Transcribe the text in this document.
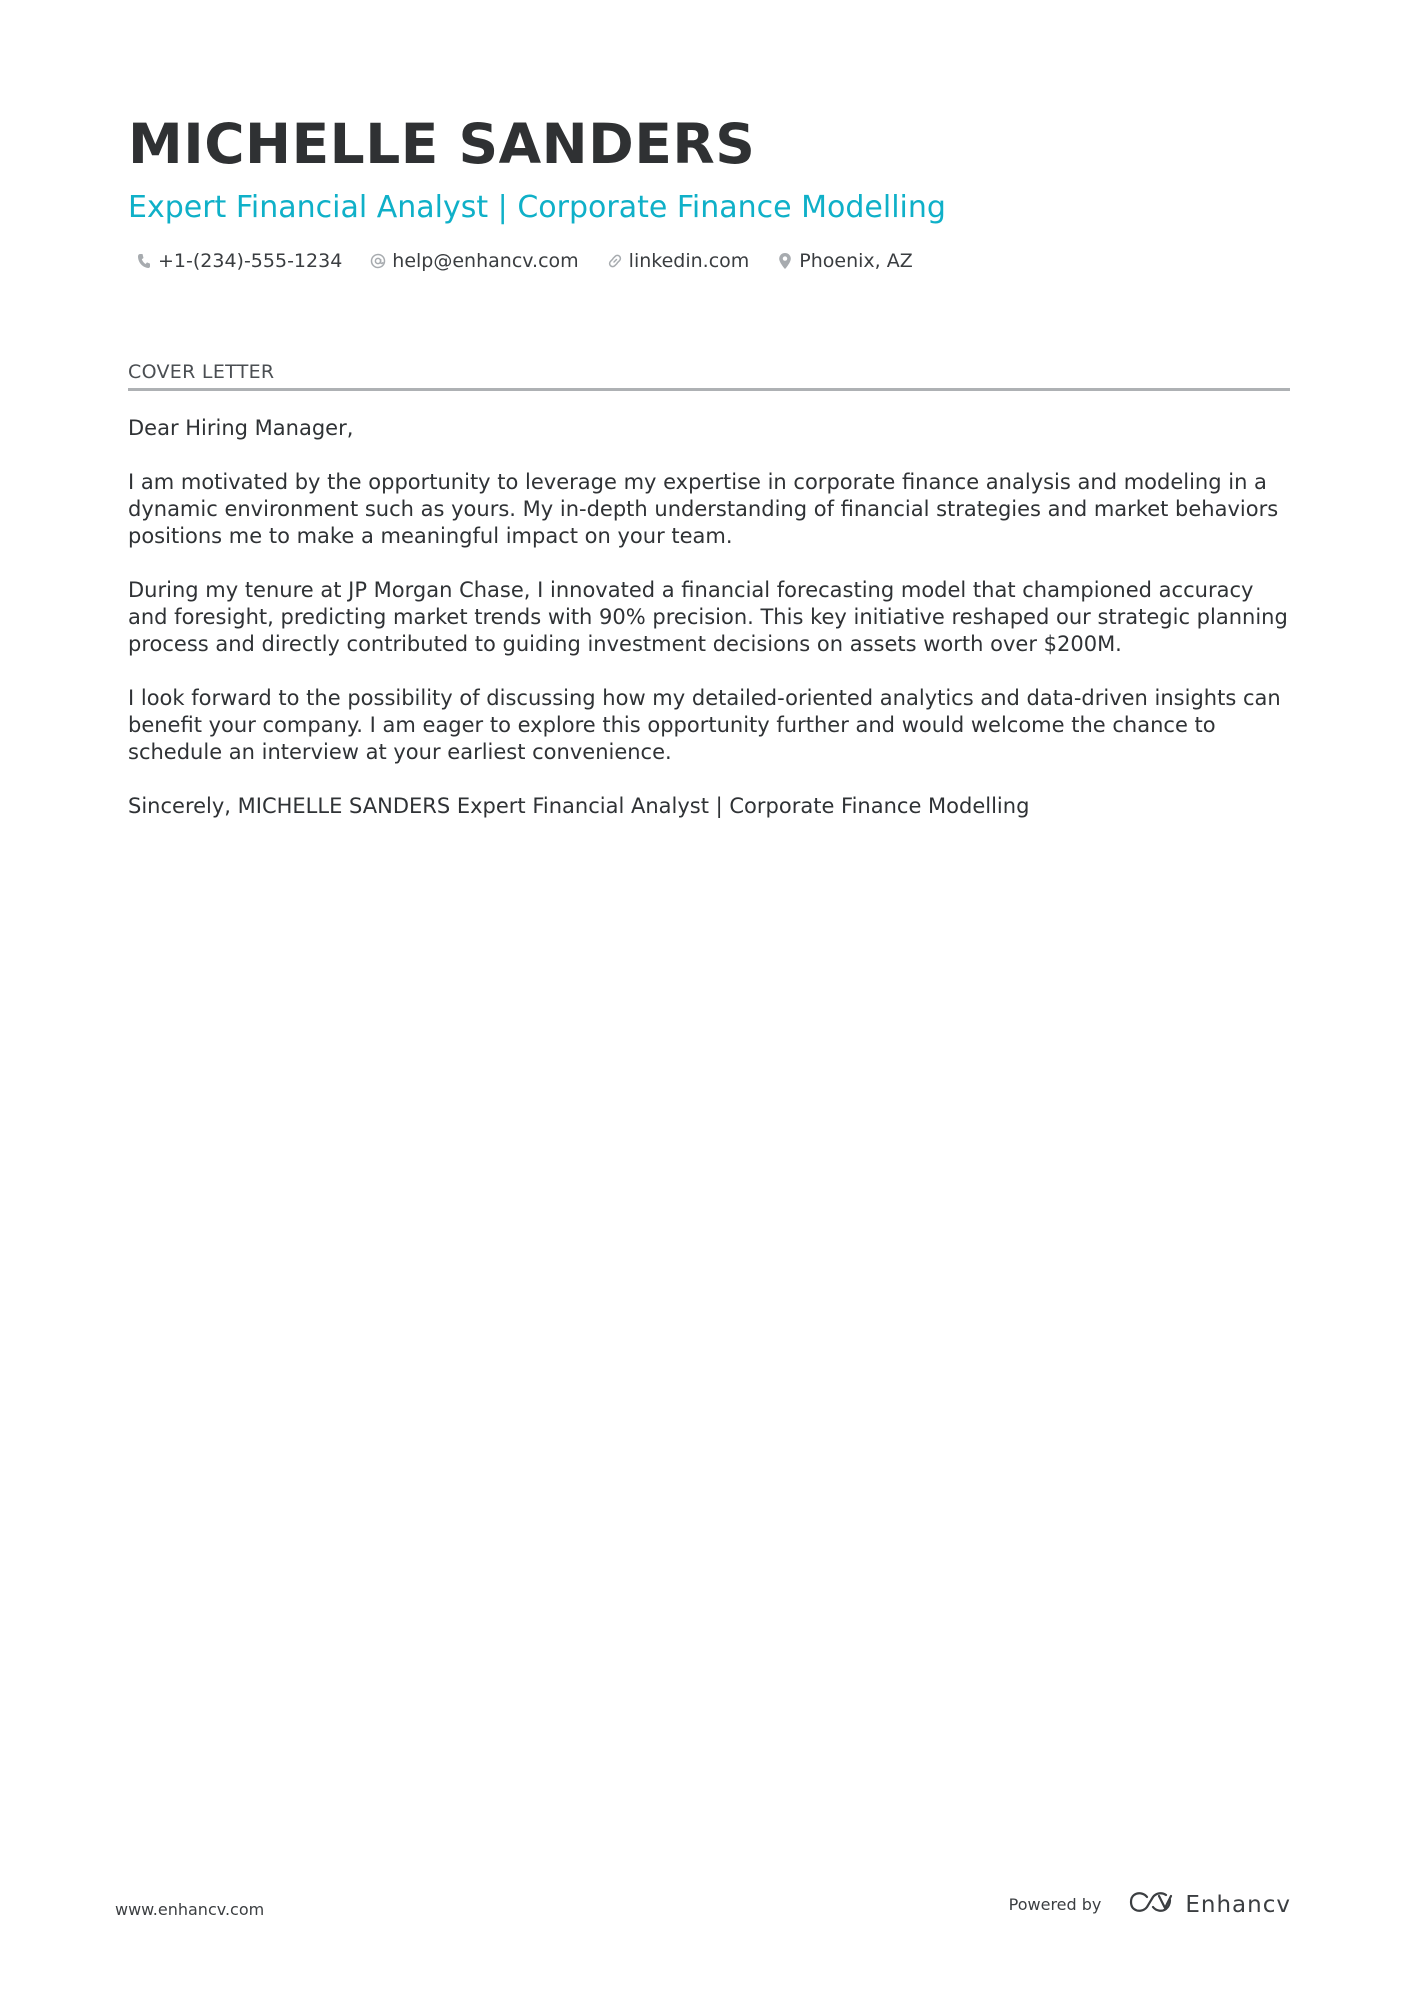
MICHELLE SANDERS
Expert Financial Analyst | Corporate Finance Modelling
+1-(234)-555-1234	help@enhancv.com	linkedin.com	Phoenix, AZ
COVER LETTER

Dear Hiring Manager,

I am motivated by the opportunity to leverage my expertise in corporate finance analysis and modeling in a dynamic environment such as yours. My in-depth understanding of financial strategies and market behaviors positions me to make a meaningful impact on your team.

During my tenure at JP Morgan Chase, I innovated a financial forecasting model that championed accuracy and foresight, predicting market trends with 90% precision. This key initiative reshaped our strategic planning process and directly contributed to guiding investment decisions on assets worth over $200M.

I look forward to the possibility of discussing how my detailed-oriented analytics and data-driven insights can benefit your company. I am eager to explore this opportunity further and would welcome the chance to schedule an interview at your earliest convenience.

Sincerely, MICHELLE SANDERS Expert Financial Analyst | Corporate Finance Modelling

www.enhancv.com	Powered by	Enhancv
